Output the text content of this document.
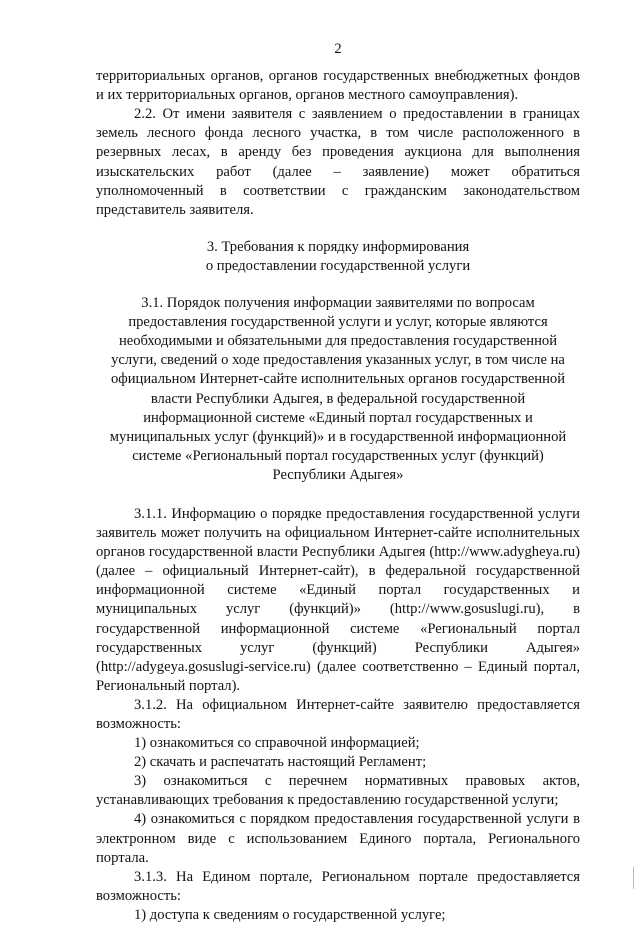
2

территориальных органов, органов государственных внебюджетных фондов и их территориальных органов, органов местного самоуправления).

2.2. От имени заявителя с заявлением о предоставлении в границах земель лесного фонда лесного участка, в том числе расположенного в резервных лесах, в аренду без проведения аукциона для выполнения изыскательских работ (далее – заявление) может обратиться уполномоченный в соответствии с гражданским законодательством представитель заявителя.

3. Требования к порядку информирования
о предоставлении государственной услуги

3.1. Порядок получения информации заявителями по вопросам предоставления государственной услуги и услуг, которые являются необходимыми и обязательными для предоставления государственной услуги, сведений о ходе предоставления указанных услуг, в том числе на официальном Интернет-сайте исполнительных органов государственной власти Республики Адыгея, в федеральной государственной информационной системе «Единый портал государственных и муниципальных услуг (функций)» и в государственной информационной системе «Региональный портал государственных услуг (функций) Республики Адыгея»

3.1.1. Информацию о порядке предоставления государственной услуги заявитель может получить на официальном Интернет-сайте исполнительных органов государственной власти Республики Адыгея (http://www.adygheya.ru) (далее – официальный Интернет-сайт), в федеральной государственной информационной системе «Единый портал государственных и муниципальных услуг (функций)» (http://www.gosuslugi.ru), в государственной информационной системе «Региональный портал государственных услуг (функций) Республики Адыгея» (http://adygeya.gosuslugi-service.ru) (далее соответственно – Единый портал, Региональный портал).

3.1.2. На официальном Интернет-сайте заявителю предоставляется возможность:

1) ознакомиться со справочной информацией;

2) скачать и распечатать настоящий Регламент;

3) ознакомиться с перечнем нормативных правовых актов, устанавливающих требования к предоставлению государственной услуги;

4) ознакомиться с порядком предоставления государственной услуги в электронном виде с использованием Единого портала, Регионального портала.

3.1.3. На Едином портале, Региональном портале предоставляется возможность:

1) доступа к сведениям о государственной услуге;
